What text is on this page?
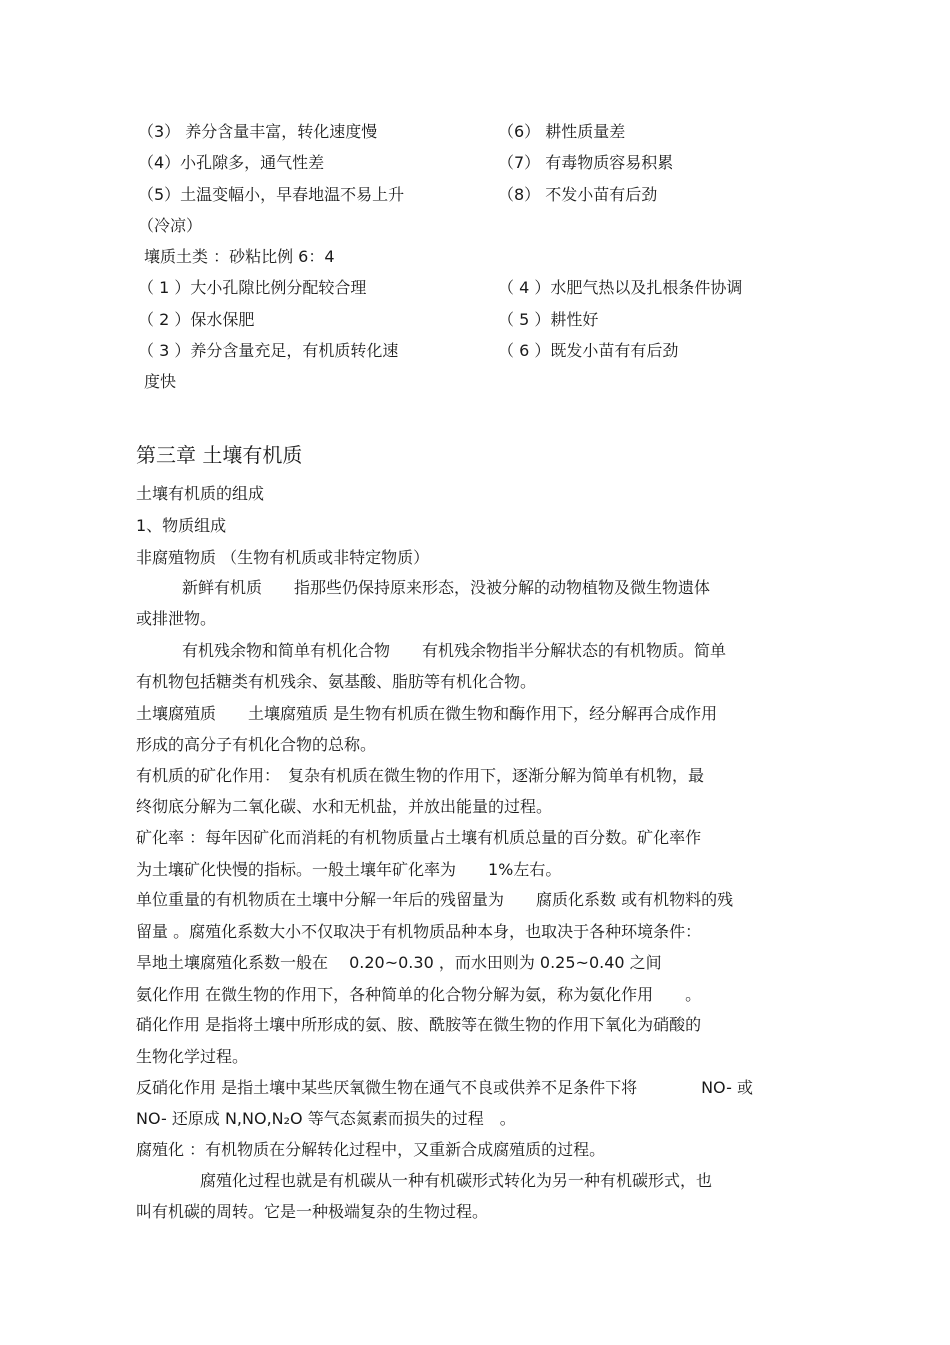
（3） 养分含量丰富，转化速度慢
（4）小孔隙多，通气性差
（5）土温变幅小，早春地温不易上升
（冷凉）
（6） 耕性质量差
（7） 有毒物质容易积累
（8） 不发小苗有后劲
壤质土类 ：砂粘比例 6：4
（ 1 ）大小孔隙比例分配较合理
（ 2 ）保水保肥
（ 3 ）养分含量充足，有机质转化速
度快
（ 4 ）水肥气热以及扎根条件协调
（ 5 ）耕性好
（ 6 ）既发小苗有有后劲
第三章 土壤有机质
土壤有机质的组成
1、物质组成
非腐殖物质 （生物有机质或非特定物质）
新鲜有机质　　指那些仍保持原来形态，没被分解的动物植物及微生物遗体
或排泄物。
有机残余物和简单有机化合物　　有机残余物指半分解状态的有机物质。简单
有机物包括糖类有机残余、氨基酸、脂肪等有机化合物。
土壤腐殖质　　土壤腐殖质 是生物有机质在微生物和酶作用下，经分解再合成作用
形成的高分子有机化合物的总称。
有机质的矿化作用：　复杂有机质在微生物的作用下，逐渐分解为简单有机物，最
终彻底分解为二氧化碳、水和无机盐，并放出能量的过程。
矿化率 ：每年因矿化而消耗的有机物质量占土壤有机质总量的百分数。矿化率作
为土壤矿化快慢的指标。一般土壤年矿化率为　　1%左右。
单位重量的有机物质在土壤中分解一年后的残留量为　　腐质化系数 或有机物料的残
留量 。腐殖化系数大小不仅取决于有机物质品种本身，也取决于各种环境条件：
旱地土壤腐殖化系数一般在　 0.20~0.30 ，而水田则为 0.25~0.40 之间
氨化作用 在微生物的作用下，各种简单的化合物分解为氨，称为氨化作用　　。
硝化作用 是指将土壤中所形成的氨、胺、酰胺等在微生物的作用下氧化为硝酸的
生物化学过程。
反硝化作用 是指土壤中某些厌氧微生物在通气不良或供养不足条件下将　　　　NO- 或
NO- 还原成 N,NO,N₂O 等气态氮素而损失的过程　。
腐殖化 ：有机物质在分解转化过程中，又重新合成腐殖质的过程。
腐殖化过程也就是有机碳从一种有机碳形式转化为另一种有机碳形式，也
叫有机碳的周转。它是一种极端复杂的生物过程。
